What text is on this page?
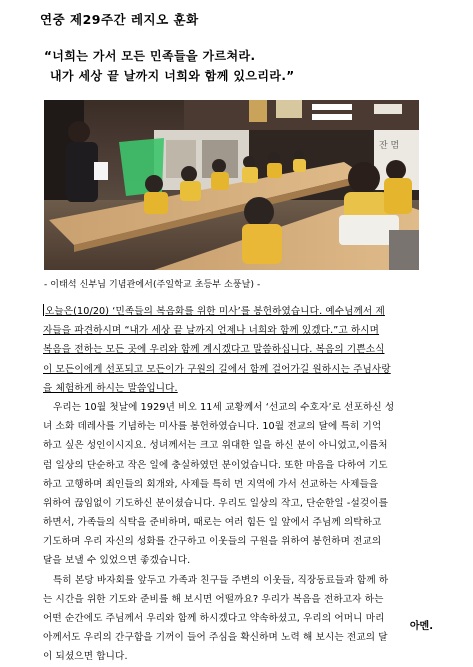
연중 제29주간 레지오 훈화
“너희는 가서 모든 민족들을 가르쳐라.
내가 세상 끝 날까지 너희와 함께 있으리라.”
잔 멈
- 이태석 신부님 기념관에서(주일학교 초등부 소풍날) -
오늘은(10/20) ‘민족들의 복음화를 위한 미사’를 봉헌하였습니다. 예수님께서 제
자들을 파견하시며 “내가 세상 끝 날까지 언제나 너희와 함께 있겠다.”고 하시며
복음을 전하는 모든 곳에 우리와 함께 계시겠다고 말씀하십니다. 복음의 기쁜소식
이 모든이에게 선포되고 모든이가 구원의 길에서 함께 걸어가길 원하시는 주님사랑
을 체험하게 하시는 말씀입니다.
우리는 10월 첫날에 1929년 비오 11세 교황께서 ‘선교의 수호자’로 선포하신 성
녀 소화 데레사를 기념하는 미사를 봉헌하였습니다. 10월 전교의 달에 특히 기억
하고 싶은 성인이시지요. 성녀께서는 크고 위대한 일을 하신 분이 아니었고,이름처
럼 일상의 단순하고 작은 일에 충실하였던 분이었습니다. 또한 마음을 다하여 기도
하고 고행하며 죄인들의 회개와, 사제들 특히 먼 지역에 가서 선교하는 사제들을
위하여 끊임없이 기도하신 분이셨습니다. 우리도 일상의 작고, 단순한일 -설겆이를
하면서, 가족들의 식탁을 준비하며, 때로는 여러 힘든 일 앞에서 주님께 의탁하고
기도하며 우리 자신의 성화를 간구하고 이웃들의 구원을 위하여 봉헌하며 전교의
달을 보낼 수 있었으면 좋겠습니다.
특히 본당 바자회를 앞두고 가족과 친구들 주변의 이웃들, 직장동료들과 함께 하
는 시간을 위한 기도와 준비를 해 보시면 어떨까요? 우리가 복음을 전하고자 하는
어떤 순간에도 주님께서 우리와 함께 하시겠다고 약속하셨고, 우리의 어머니 마리
아께서도 우리의 간구함을 기꺼이 들어 주심을 확신하며 노력 해 보시는 전교의 달
이 되셨으면 합니다.
아멘.
